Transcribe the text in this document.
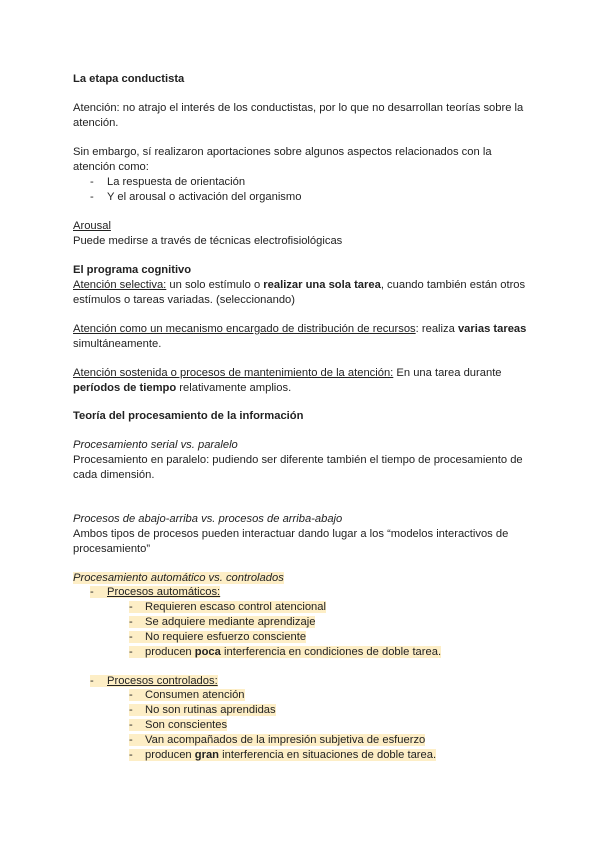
La etapa conductista
Atención: no atrajo el interés de los conductistas, por lo que no desarrollan teorías sobre la
atención.
Sin embargo, sí realizaron aportaciones sobre algunos aspectos relacionados con la
atención como:
- La respuesta de orientación
- Y el arousal o activación del organismo
Arousal
Puede medirse a través de técnicas electrofisiológicas
El programa cognitivo
Atención selectiva: un solo estímulo o realizar una sola tarea, cuando también están otros
estímulos o tareas variadas. (seleccionando)
Atención como un mecanismo encargado de distribución de recursos: realiza varias tareas
simultáneamente.
Atención sostenida o procesos de mantenimiento de la atención: En una tarea durante
períodos de tiempo relativamente amplios.
Teoría del procesamiento de la información
Procesamiento serial vs. paralelo
Procesamiento en paralelo: pudiendo ser diferente también el tiempo de procesamiento de
cada dimensión.
Procesos de abajo-arriba vs. procesos de arriba-abajo
Ambos tipos de procesos pueden interactuar dando lugar a los “modelos interactivos de
procesamiento”
Procesamiento automático vs. controlados
- Procesos automáticos:
- Requieren escaso control atencional
- Se adquiere mediante aprendizaje
- No requiere esfuerzo consciente
- producen poca interferencia en condiciones de doble tarea.
- Procesos controlados:
- Consumen atención
- No son rutinas aprendidas
- Son conscientes
- Van acompañados de la impresión subjetiva de esfuerzo
- producen gran interferencia en situaciones de doble tarea.
